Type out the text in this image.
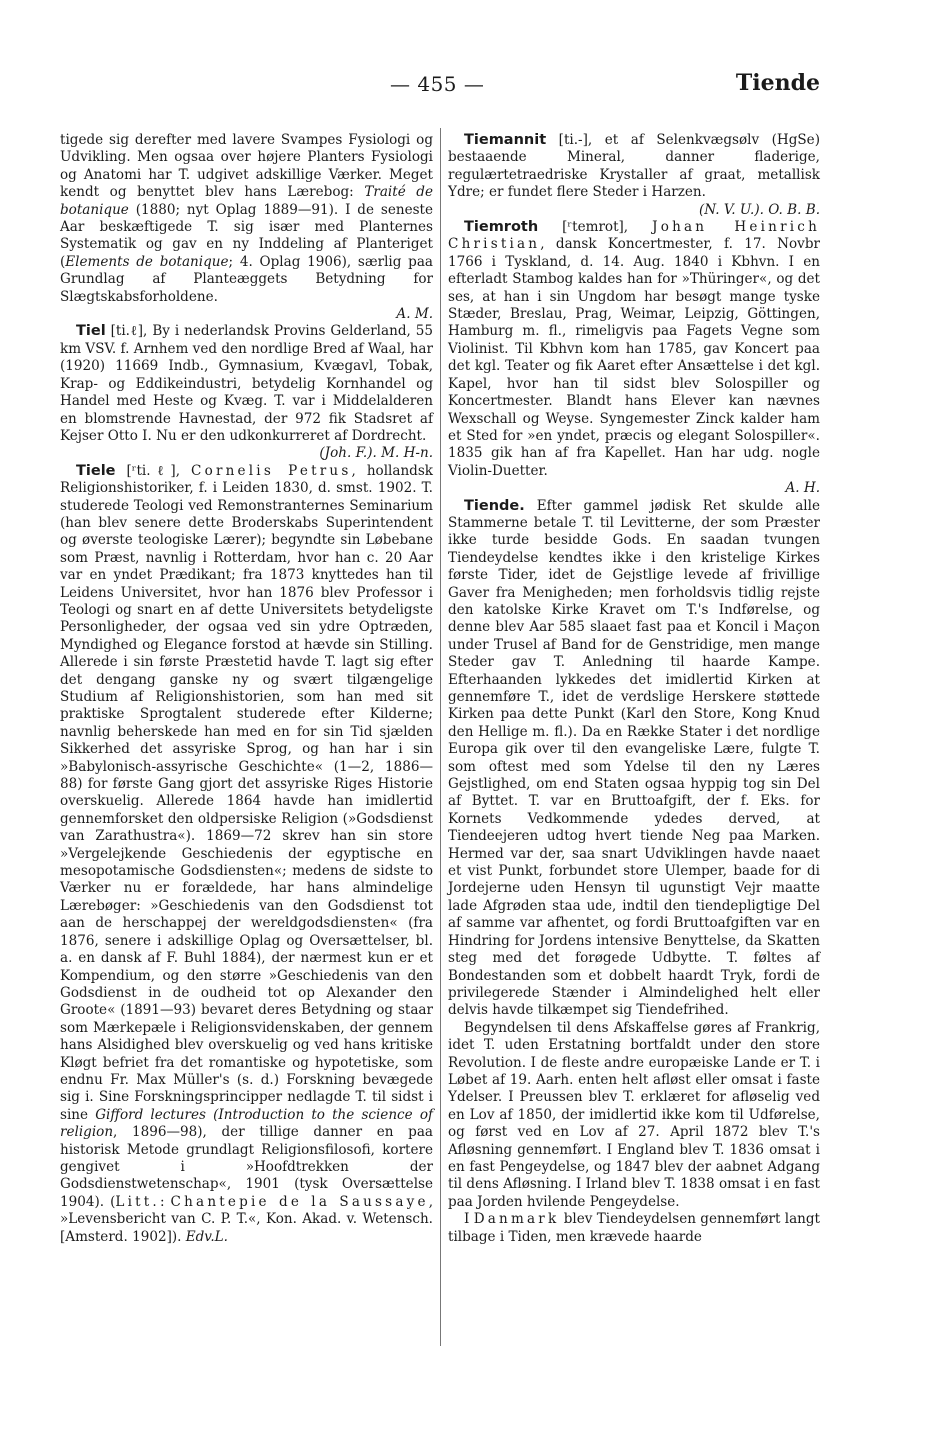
— 455 —	Tiende

tigede sig derefter med lavere Svampes Fysiologi og Udvikling. Men ogsaa over højere Planters Fysiologi og Anatomi har T. udgivet adskillige Værker. Meget kendt og benyttet blev hans Lærebog: Traité de botanique (1880; nyt Oplag 1889—91). I de seneste Aar beskæftigede T. sig især med Planternes Systematik og gav en ny Inddeling af Planteriget (Elements de botanique; 4. Oplag 1906), særlig paa Grundlag af Planteæggets Betydning for Slægtskabsforholdene.
A. M.

Tiel [ti.ℓ], By i nederlandsk Provins Gelderland, 55 km VSV. f. Arnhem ved den nordlige Bred af Waal, har (1920) 11669 Indb., Gymnasium, Kvægavl, Tobak, Krap- og Eddikeindustri, betydelig Kornhandel og Handel med Heste og Kvæg. T. var i Middelalderen en blomstrende Havnestad, der 972 fik Stadsret af Kejser Otto I. Nu er den udkonkurreret af Dordrecht.
(Joh. F.). M. H-n.

Tiele [ʳti.ℓ], Cornelis Petrus, hollandsk Religionshistoriker, f. i Leiden 1830, d. smst. 1902. T. studerede Teologi ved Remonstranternes Seminarium (han blev senere dette Broderskabs Superintendent og øverste teologiske Lærer); begyndte sin Løbebane som Præst, navnlig i Rotterdam, hvor han c. 20 Aar var en yndet Prædikant; fra 1873 knyttedes han til Leidens Universitet, hvor han 1876 blev Professor i Teologi og snart en af dette Universitets betydeligste Personligheder, der ogsaa ved sin ydre Optræden, Myndighed og Elegance forstod at hævde sin Stilling. Allerede i sin første Præstetid havde T. lagt sig efter det dengang ganske ny og svært tilgængelige Studium af Religionshistorien, som han med sit praktiske Sprogtalent studerede efter Kilderne; navnlig beherskede han med en for sin Tid sjælden Sikkerhed det assyriske Sprog, og han har i sin »Babylonisch-assyrische Geschichte« (1—2, 1886—88) for første Gang gjort det assyriske Riges Historie overskuelig. Allerede 1864 havde han imidlertid gennemforsket den oldpersiske Religion (»Godsdienst van Zarathustra«). 1869—72 skrev han sin store »Vergelejkende Geschiedenis der egyptische en mesopotamische Godsdiensten«; medens de sidste to Værker nu er forældede, har hans almindelige Lærebøger: »Geschiedenis van den Godsdienst tot aan de herschappej der wereldgodsdiensten« (fra 1876, senere i adskillige Oplag og Oversættelser, bl. a. en dansk af F. Buhl 1884), der nærmest kun er et Kompendium, og den større »Geschiedenis van den Godsdienst in de oudheid tot op Alexander den Groote« (1891—93) bevaret deres Betydning og staar som Mærkepæle i Religionsvidenskaben, der gennem hans Alsidighed blev overskuelig og ved hans kritiske Kløgt befriet fra det romantiske og hypotetiske, som endnu Fr. Max Müller's (s. d.) Forskning bevægede sig i. Sine Forskningsprincipper nedlagde T. til sidst i sine Gifford lectures (Introduction to the science of religion, 1896—98), der tillige danner en paa historisk Metode grundlagt Religionsfilosofi, kortere gengivet i »Hoofdtrekken der Godsdienstwetenschap«, 1901 (tysk Oversættelse 1904). (Litt.: Chantepie de la Saussaye, »Levensbericht van C. P. T.«, Kon. Akad. v. Wetensch. [Amsterd. 1902]). Edv.L.

Tiemannit [ti.-], et af Selenkvægsølv (HgSe) bestaaende Mineral, danner fladerige, regulærtetraedriske Krystaller af graat, metallisk Ydre; er fundet flere Steder i Harzen.
(N. V. U.). O. B. B.

Tiemroth [ʳtemrot], Johan Heinrich Christian, dansk Koncertmester, f. 17. Novbr 1766 i Tyskland, d. 14. Aug. 1840 i Kbhvn. I en efterladt Stambog kaldes han for »Thüringer«, og det ses, at han i sin Ungdom har besøgt mange tyske Stæder, Breslau, Prag, Weimar, Leipzig, Göttingen, Hamburg m. fl., rimeligvis paa Fagets Vegne som Violinist. Til Kbhvn kom han 1785, gav Koncert paa det kgl. Teater og fik Aaret efter Ansættelse i det kgl. Kapel, hvor han til sidst blev Solospiller og Koncertmester. Blandt hans Elever kan nævnes Wexschall og Weyse. Syngemester Zinck kalder ham et Sted for »en yndet, præcis og elegant Solospiller«. 1835 gik han af fra Kapellet. Han har udg. nogle Violin-Duetter.
A. H.

Tiende. Efter gammel jødisk Ret skulde alle Stammerne betale T. til Levitterne, der som Præster ikke turde besidde Gods. En saadan tvungen Tiendeydelse kendtes ikke i den kristelige Kirkes første Tider, idet de Gejstlige levede af frivillige Gaver fra Menigheden; men forholdsvis tidlig rejste den katolske Kirke Kravet om T.'s Indførelse, og denne blev Aar 585 slaaet fast paa et Koncil i Maçon under Trusel af Band for de Genstridige, men mange Steder gav T. Anledning til haarde Kampe. Efterhaanden lykkedes det imidlertid Kirken at gennemføre T., idet de verdslige Herskere støttede Kirken paa dette Punkt (Karl den Store, Kong Knud den Hellige m. fl.). Da en Række Stater i det nordlige Europa gik over til den evangeliske Lære, fulgte T. som oftest med som Ydelse til den ny Læres Gejstlighed, om end Staten ogsaa hyppig tog sin Del af Byttet. T. var en Bruttoafgift, der f. Eks. for Kornets Vedkommende ydedes derved, at Tiendeejeren udtog hvert tiende Neg paa Marken. Hermed var der, saa snart Udviklingen havde naaet et vist Punkt, forbundet store Ulemper, baade for di Jordejerne uden Hensyn til ugunstigt Vejr maatte lade Afgrøden staa ude, indtil den tiendepligtige Del af samme var afhentet, og fordi Bruttoafgiften var en Hindring for Jordens intensive Benyttelse, da Skatten steg med det forøgede Udbytte. T. føltes af Bondestanden som et dobbelt haardt Tryk, fordi de privilegerede Stænder i Almindelighed helt eller delvis havde tilkæmpet sig Tiendefrihed.

Begyndelsen til dens Afskaffelse gøres af Frankrig, idet T. uden Erstatning bortfaldt under den store Revolution. I de fleste andre europæiske Lande er T. i Løbet af 19. Aarh. enten helt afløst eller omsat i faste Ydelser. I Preussen blev T. erklæret for afløselig ved en Lov af 1850, der imidlertid ikke kom til Udførelse, og først ved en Lov af 27. April 1872 blev T.'s Afløsning gennemført. I England blev T. 1836 omsat i en fast Pengeydelse, og 1847 blev der aabnet Adgang til dens Afløsning. I Irland blev T. 1838 omsat i en fast paa Jorden hvilende Pengeydelse.

I Danmark blev Tiendeydelsen gennemført langt tilbage i Tiden, men krævede haarde
